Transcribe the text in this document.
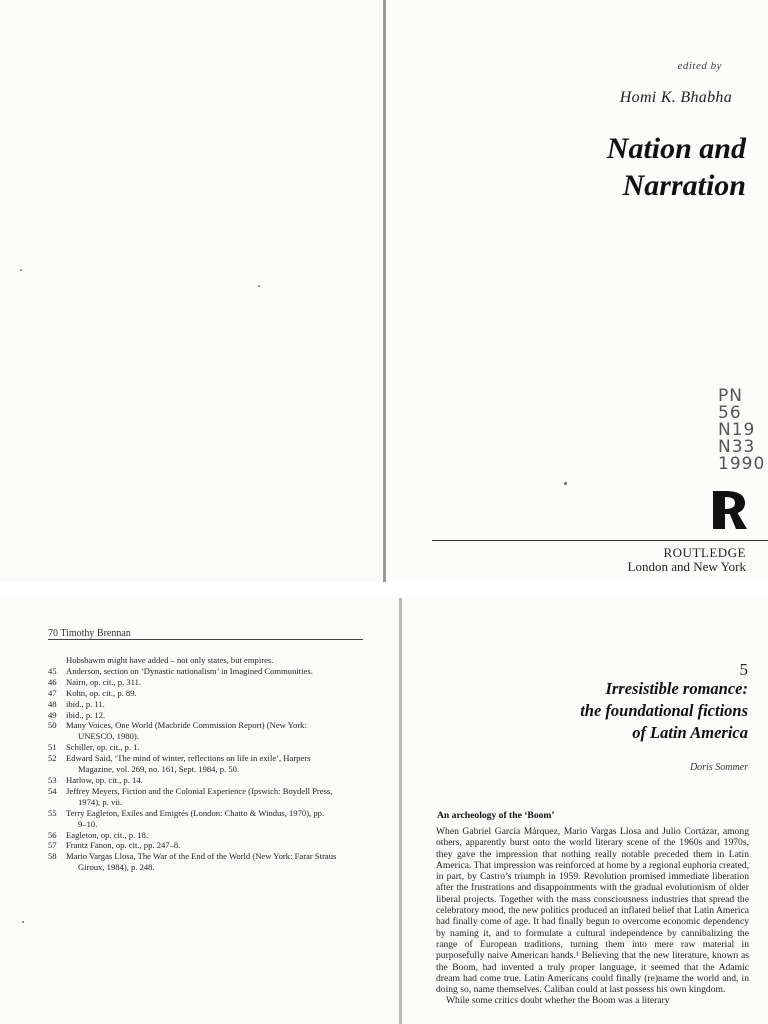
edited by
Homi K. Bhabha
Nation and
Narration
PN
56
N19
N33
1990
ROUTLEDGE
London and New York
70 Timothy Brennan
Hobsbawm might have added – not only states, but empires.
45	Anderson, section on ‘Dynastic nationalism’ in Imagined Communities.
46	Nairn, op. cit., p. 311.
47	Kohn, op. cit., p. 89.
48	ibid., p. 11.
49	ibid., p. 12.
50	Many Voices, One World (Macbride Commission Report) (New York:
UNESCO, 1980).
51	Schiller, op. cit., p. 1.
52	Edward Said, ‘The mind of winter, reflections on life in exile’, Harpers
Magazine, vol. 269, no. 161, Sept. 1984, p. 50.
53	Harlow, op. cit., p. 14.
54	Jeffrey Meyers, Fiction and the Colonial Experience (Ipswich: Boydell Press,
1974), p. vii.
55	Terry Eagleton, Exiles and Emigrés (London: Chatto & Windus, 1970), pp.
9–10.
56	Eagleton, op. cit., p. 18.
57	Frantz Fanon, op. cit., pp. 247–8.
58	Mario Vargas Llosa, The War of the End of the World (New York: Farar Straus
Giroux, 1984), p. 248.
5
Irresistible romance:
the foundational fictions
of Latin America
Doris Sommer
An archeology of the ‘Boom’

When Gabriel García Márquez, Mario Vargas Llosa and Julio Cortázar, among others, apparently burst onto the world literary scene of the 1960s and 1970s, they gave the impression that nothing really notable preceded them in Latin America. That impression was reinforced at home by a regional euphoria created, in part, by Castro’s triumph in 1959. Revolution promised immediate liberation after the frustrations and disappointments with the gradual evolutionism of older liberal projects. Together with the mass consciousness industries that spread the celebratory mood, the new politics produced an inflated belief that Latin America had finally come of age. It had finally begun to overcome economic dependency by naming it, and to formulate a cultural independence by cannibalizing the range of European traditions, turning them into mere raw material in purposefully naive American hands.¹ Believing that the new literature, known as the Boom, had invented a truly proper language, it seemed that the Adamic dream had come true. Latin Americans could finally (re)name the world and, in doing so, name themselves. Caliban could at last possess his own kingdom.

While some critics doubt whether the Boom was a literary
